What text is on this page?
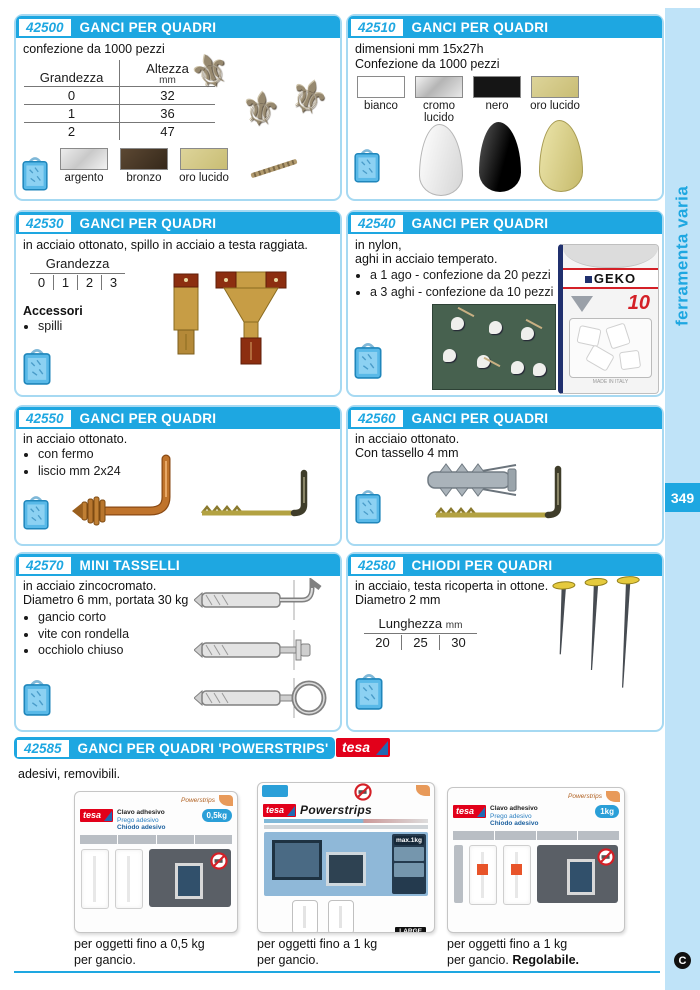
42500	GANCI PER QUADRI
confezione da 1000 pezzi
Grandezza	Altezza
mm

0	32
1	36
2	47
argento	bronzo	oro lucido
⚜
⚜
⚜
42510	GANCI PER QUADRI
dimensioni mm 15x27h
Confezione da 1000 pezzi
bianco	cromo lucido
nero	oro lucido
42530	GANCI PER QUADRI
in acciaio ottonato, spillo in acciaio a testa raggiata.
Grandezza
0	1	2	3
Accessori
• spilli
42540	GANCI PER QUADRI
in nylon,
aghi in acciaio temperato.
• a 1 ago - confezione da 20 pezzi
• a 3 aghi - confezione da 10 pezzi
GEKO
10
MADE IN ITALY
42550	GANCI PER QUADRI
in acciaio ottonato.
• con fermo
• liscio mm 2x24
42560	GANCI PER QUADRI
in acciaio ottonato.
Con tassello 4 mm
42570	MINI TASSELLI
in acciaio zincocromato.
Diametro 6 mm, portata 30 kg
• gancio corto
• vite con rondella
• occhiolo chiuso
42580	CHIODI PER QUADRI
in acciaio, testa ricoperta in ottone.
Diametro 2 mm
Lunghezza mm
20	25	30
42585	GANCI PER QUADRI 'POWERSTRIPS' tesa
adesivi, removibili.
Powerstrips
tesa	Clavo adhesivo
Prego adesivo
Chiodo adesivo
0,5kg
tesa	Powerstrips
max.1kg
LARGE
Powerstrips
tesa	Clavo adhesivo
Prego adesivo
Chiodo adesivo
1kg
per oggetti fino a 0,5 kg
per gancio.
per oggetti fino a 1 kg
per gancio.
per oggetti fino a 1 kg
per gancio. Regolabile.
ferramenta varia
349
C
